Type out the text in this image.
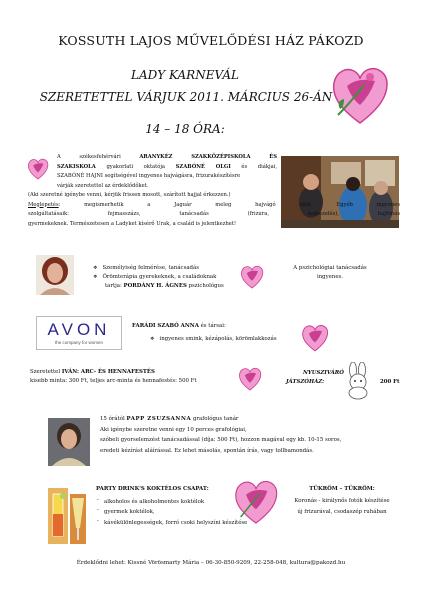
KOSSUTH LAJOS MŰVELŐDÉSI HÁZ PÁKOZD
LADY KARNEVÁL
SZERETETTEL VÁRJUK 2011. MÁRCIUS 26-ÁN
14 – 18 ÓRA:
A székesfehérvári	ARANYKÉZ SZAKKÖZÉPISKOLA ÉS
SZAKISKOLA gyakorlati oktatója SZABÓNÉ OLGI és diákjai,
SZABÓNÉ HAJNI segítségével ingyenes hajvágásra, frizurakészítésre
várják szeretettel az érdeklődőket.
(Aki szeretné igénybe venni, kérjük frissen mosott, szárított hajjal érkezzen.)
Meglepetés: megismerhetik a Jaguár meleg hajvágó ollót. Egyéb ingyenes
szolgáltatásaik: fejmasszázs, tanácsadás (frizura, hajkezelés), hajfonás
gyermekeknek. Természetesen a Ladyket kísérő Urak, a család is jelentkezhet!
❖ Személyiség felmérése, tanácsadás
❖ Örömterápia gyerekeknek, a családoknak
tartja: PORDÁNY H. ÁGNES pszichológus
A pszichológiai tanácsadás
ingyenes.
AVON
the company for women
FARÁDI SZABÓ ANNA és társai:
❖ ingyenes smink, kézápolás, körömlakkozás
Szeretettel IVÁN: ARC- ÉS HENNAFESTÉS
kisebb minta: 300 Ft, teljes arc-minta és hennafestés: 500 Ft
NYUSZIVÁRÓ
JÁTSZÓHÁZ:	200 Ft
15 órától PAPP ZSUZSANNA grafológus tanár
Aki igénybe szeretne venni egy 10 perces grafológiai,
szóbeli gyorselemzést tanácsadással (díja: 500 Ft), hozzon magával egy kb. 10-15 soros,
eredeti kézírást aláírással. Ez lehet másolás, spontán írás, vagy tollbamondás.
PARTY DRINK'S KOKTÉLOS CSAPAT:
alkoholos és alkoholmentes koktélok
gyermek koktélok,
kávékülönlegességek, forró csoki helyszíni készítése
-
-
-
TÜKRÖM – TÜKRÖM:
Koronás - királynős fotók készítése
új frizurával, csodaszép ruhában
Érdeklődni lehet: Kissné Vörösmarty Mária – 06-30-850-9209, 22-258-048, kultura@pakozd.hu
